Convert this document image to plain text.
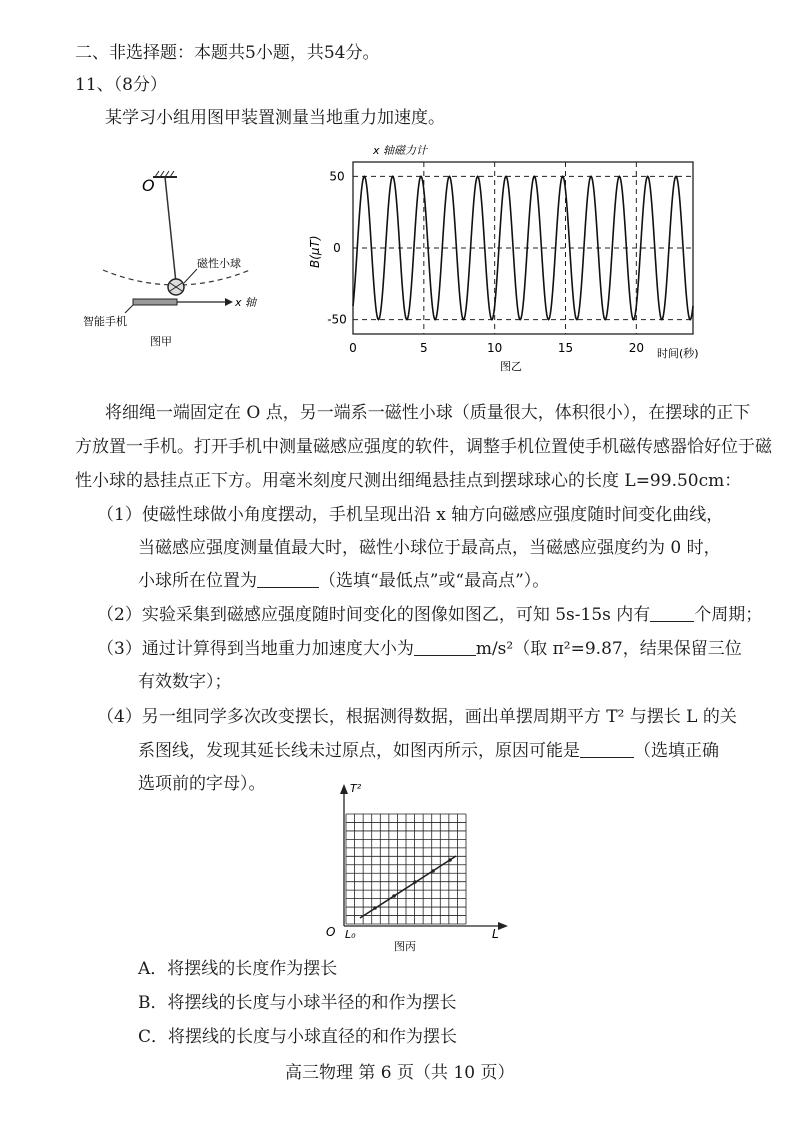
二、非选择题：本题共5小题，共54分。
11、（8分）
某学习小组用图甲装置测量当地重力加速度。
O
磁性小球
x 轴
智能手机
图甲
x 轴磁力计
B(μT)
时间(秒)
图乙
50
0
-50
0	5	10	15	20
将细绳一端固定在 O 点，另一端系一磁性小球（质量很大，体积很小），在摆球的正下
方放置一手机。打开手机中测量磁感应强度的软件，调整手机位置使手机磁传感器恰好位于磁
性小球的悬挂点正下方。用毫米刻度尺测出细绳悬挂点到摆球球心的长度 L=99.50cm：
（1）使磁性球做小角度摆动，手机呈现出沿 x 轴方向磁感应强度随时间变化曲线，
当磁感应强度测量值最大时，磁性小球位于最高点，当磁感应强度约为 0 时，
小球所在位置为	（选填“最低点”或“最高点”）。
（2）实验采集到磁感应强度随时间变化的图像如图乙，可知 5s-15s 内有	个周期；
（3）通过计算得到当地重力加速度大小为	m/s²（取 π²=9.87，结果保留三位
有效数字）；
（4）另一组同学多次改变摆长，根据测得数据，画出单摆周期平方 T² 与摆长 L 的关
系图线，发现其延长线未过原点，如图丙所示，原因可能是	（选填正确
选项前的字母）。	T²
L
O L₀
图丙
A．将摆线的长度作为摆长
B．将摆线的长度与小球半径的和作为摆长
C．将摆线的长度与小球直径的和作为摆长
高三物理 第 6 页（共 10 页）
